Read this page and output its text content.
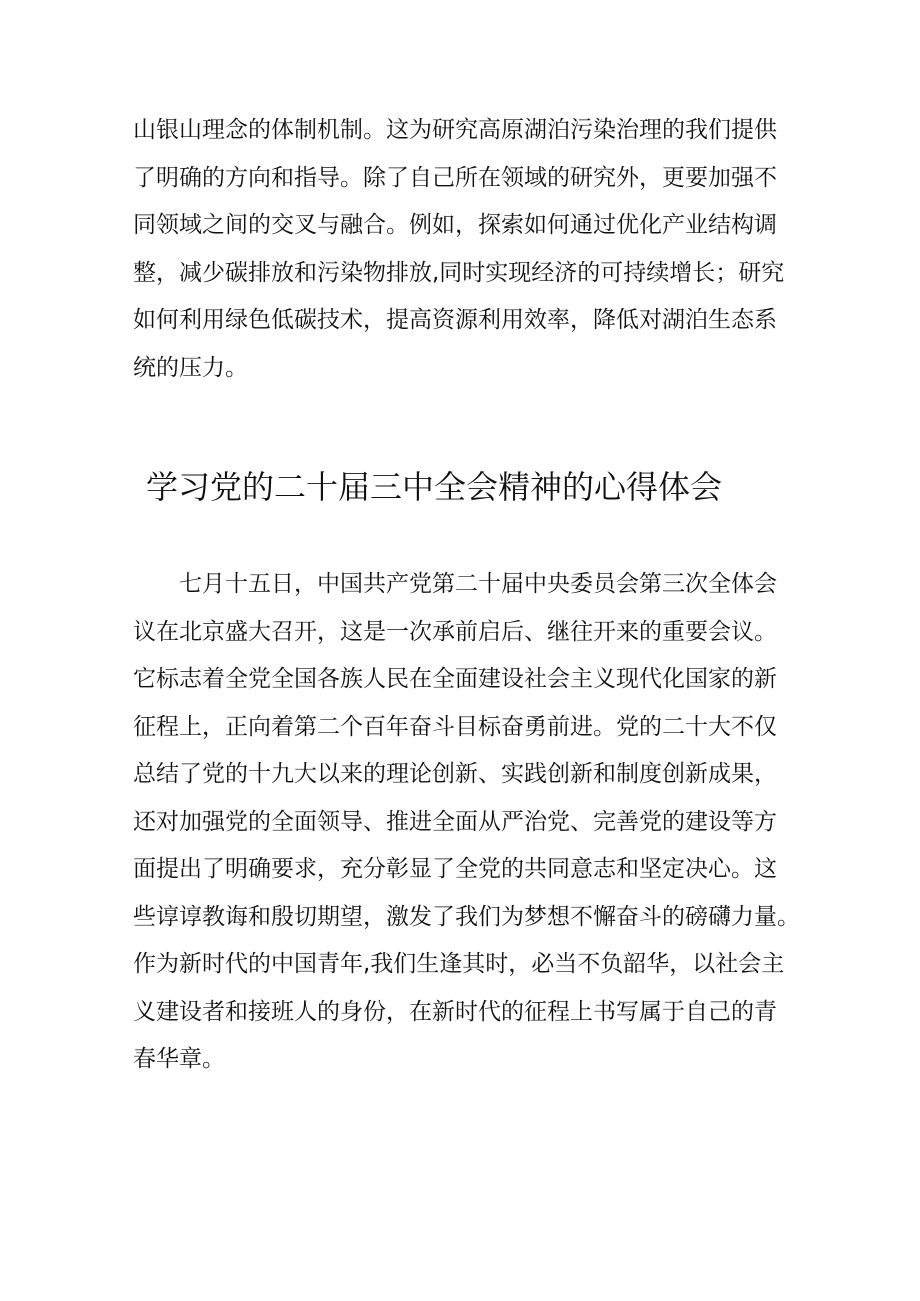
山银山理念的体制机制。这为研究高原湖泊污染治理的我们提供
了明确的方向和指导。除了自己所在领域的研究外，更要加强不
同领域之间的交叉与融合。例如，探索如何通过优化产业结构调
整，减少碳排放和污染物排放,同时实现经济的可持续增长；研究
如何利用绿色低碳技术，提高资源利用效率，降低对湖泊生态系
统的压力。

学习党的二十届三中全会精神的心得体会

　　七月十五日，中国共产党第二十届中央委员会第三次全体会
议在北京盛大召开，这是一次承前启后、继往开来的重要会议。
它标志着全党全国各族人民在全面建设社会主义现代化国家的新
征程上，正向着第二个百年奋斗目标奋勇前进。党的二十大不仅
总结了党的十九大以来的理论创新、实践创新和制度创新成果，
还对加强党的全面领导、推进全面从严治党、完善党的建设等方
面提出了明确要求，充分彰显了全党的共同意志和坚定决心。这
些谆谆教诲和殷切期望，激发了我们为梦想不懈奋斗的磅礴力量。
作为新时代的中国青年,我们生逢其时，必当不负韶华，以社会主
义建设者和接班人的身份，在新时代的征程上书写属于自己的青
春华章。
